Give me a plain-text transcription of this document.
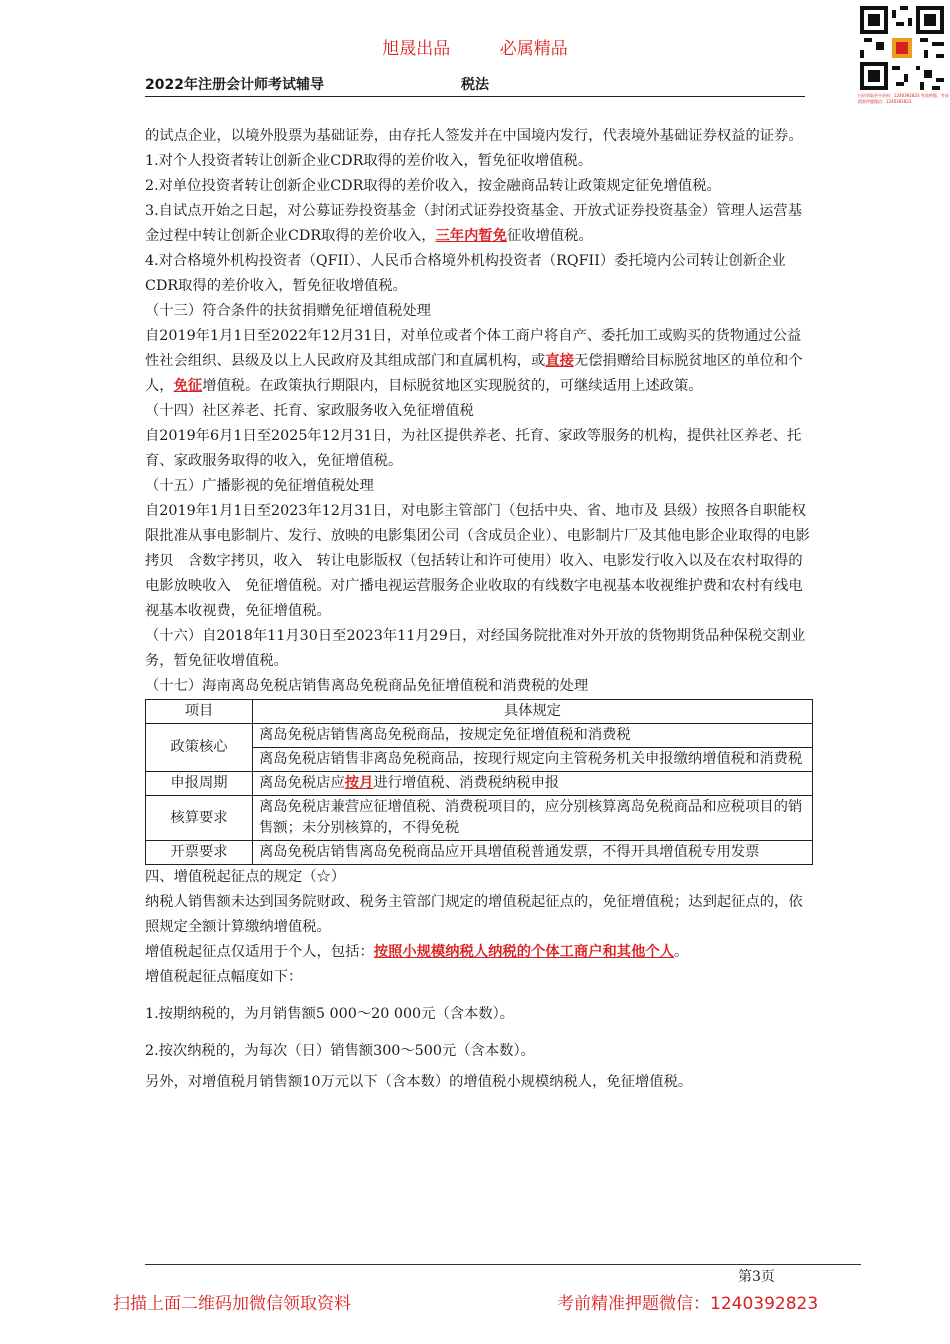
旭晟出品	必属精品
2022年注册会计师考试辅导	税法
扫码领取更多资料：1240392823 考前押题，考前精准押题微信：1240392823

的试点企业，以境外股票为基础证券，由存托人签发并在中国境内发行，代表境外基础证券权益的证券。

1.对个人投资者转让创新企业CDR取得的差价收入，暂免征收增值税。

2.对单位投资者转让创新企业CDR取得的差价收入，按金融商品转让政策规定征免增值税。

3.自试点开始之日起，对公募证券投资基金（封闭式证券投资基金、开放式证券投资基金）管理人运营基金过程中转让创新企业CDR取得的差价收入，三年内暂免征收增值税。

4.对合格境外机构投资者（QFII）、人民币合格境外机构投资者（RQFII）委托境内公司转让创新企业CDR取得的差价收入，暂免征收增值税。

（十三）符合条件的扶贫捐赠免征增值税处理

自2019年1月1日至2022年12月31日，对单位或者个体工商户将自产、委托加工或购买的货物通过公益性社会组织、县级及以上人民政府及其组成部门和直属机构，或直接无偿捐赠给目标脱贫地区的单位和个人，免征增值税。在政策执行期限内，目标脱贫地区实现脱贫的，可继续适用上述政策。

（十四）社区养老、托育、家政服务收入免征增值税

自2019年6月1日至2025年12月31日，为社区提供养老、托育、家政等服务的机构，提供社区养老、托育、家政服务取得的收入，免征增值税。

（十五）广播影视的免征增值税处理

自2019年1月1日至2023年12月31日，对电影主管部门（包括中央、省、地市及 县级）按照各自职能权限批准从事电影制片、发行、放映的电影集团公司（含成员企业）、电影制片厂及其他电影企业取得的电影拷贝　含数字拷贝，收入　转让电影版权（包括转让和许可使用）收入、电影发行收入以及在农村取得的电影放映收入　免征增值税。对广播电视运营服务企业收取的有线数字电视基本收视维护费和农村有线电视基本收视费，免征增值税。

（十六）自2018年11月30日至2023年11月29日，对经国务院批准对外开放的货物期货品种保税交割业务，暂免征收增值税。

（十七）海南离岛免税店销售离岛免税商品免征增值税和消费税的处理

项目	具体规定
政策核心	离岛免税店销售离岛免税商品，按规定免征增值税和消费税
	离岛免税店销售非离岛免税商品，按现行规定向主管税务机关申报缴纳增值税和消费税
申报周期	离岛免税店应按月进行增值税、消费税纳税申报
核算要求	离岛免税店兼营应征增值税、消费税项目的，应分别核算离岛免税商品和应税项目的销售额；未分别核算的，不得免税
开票要求	离岛免税店销售离岛免税商品应开具增值税普通发票，不得开具增值税专用发票

四、增值税起征点的规定（☆）

纳税人销售额未达到国务院财政、税务主管部门规定的增值税起征点的，免征增值税；达到起征点的，依照规定全额计算缴纳增值税。

增值税起征点仅适用于个人，包括：按照小规模纳税人纳税的个体工商户和其他个人。

增值税起征点幅度如下：

1.按期纳税的，为月销售额5 000～20 000元（含本数）。

2.按次纳税的，为每次（日）销售额300～500元（含本数）。

另外，对增值税月销售额10万元以下（含本数）的增值税小规模纳税人，免征增值税。

第3页
扫描上面二维码加微信领取资料	考前精准押题微信：1240392823
